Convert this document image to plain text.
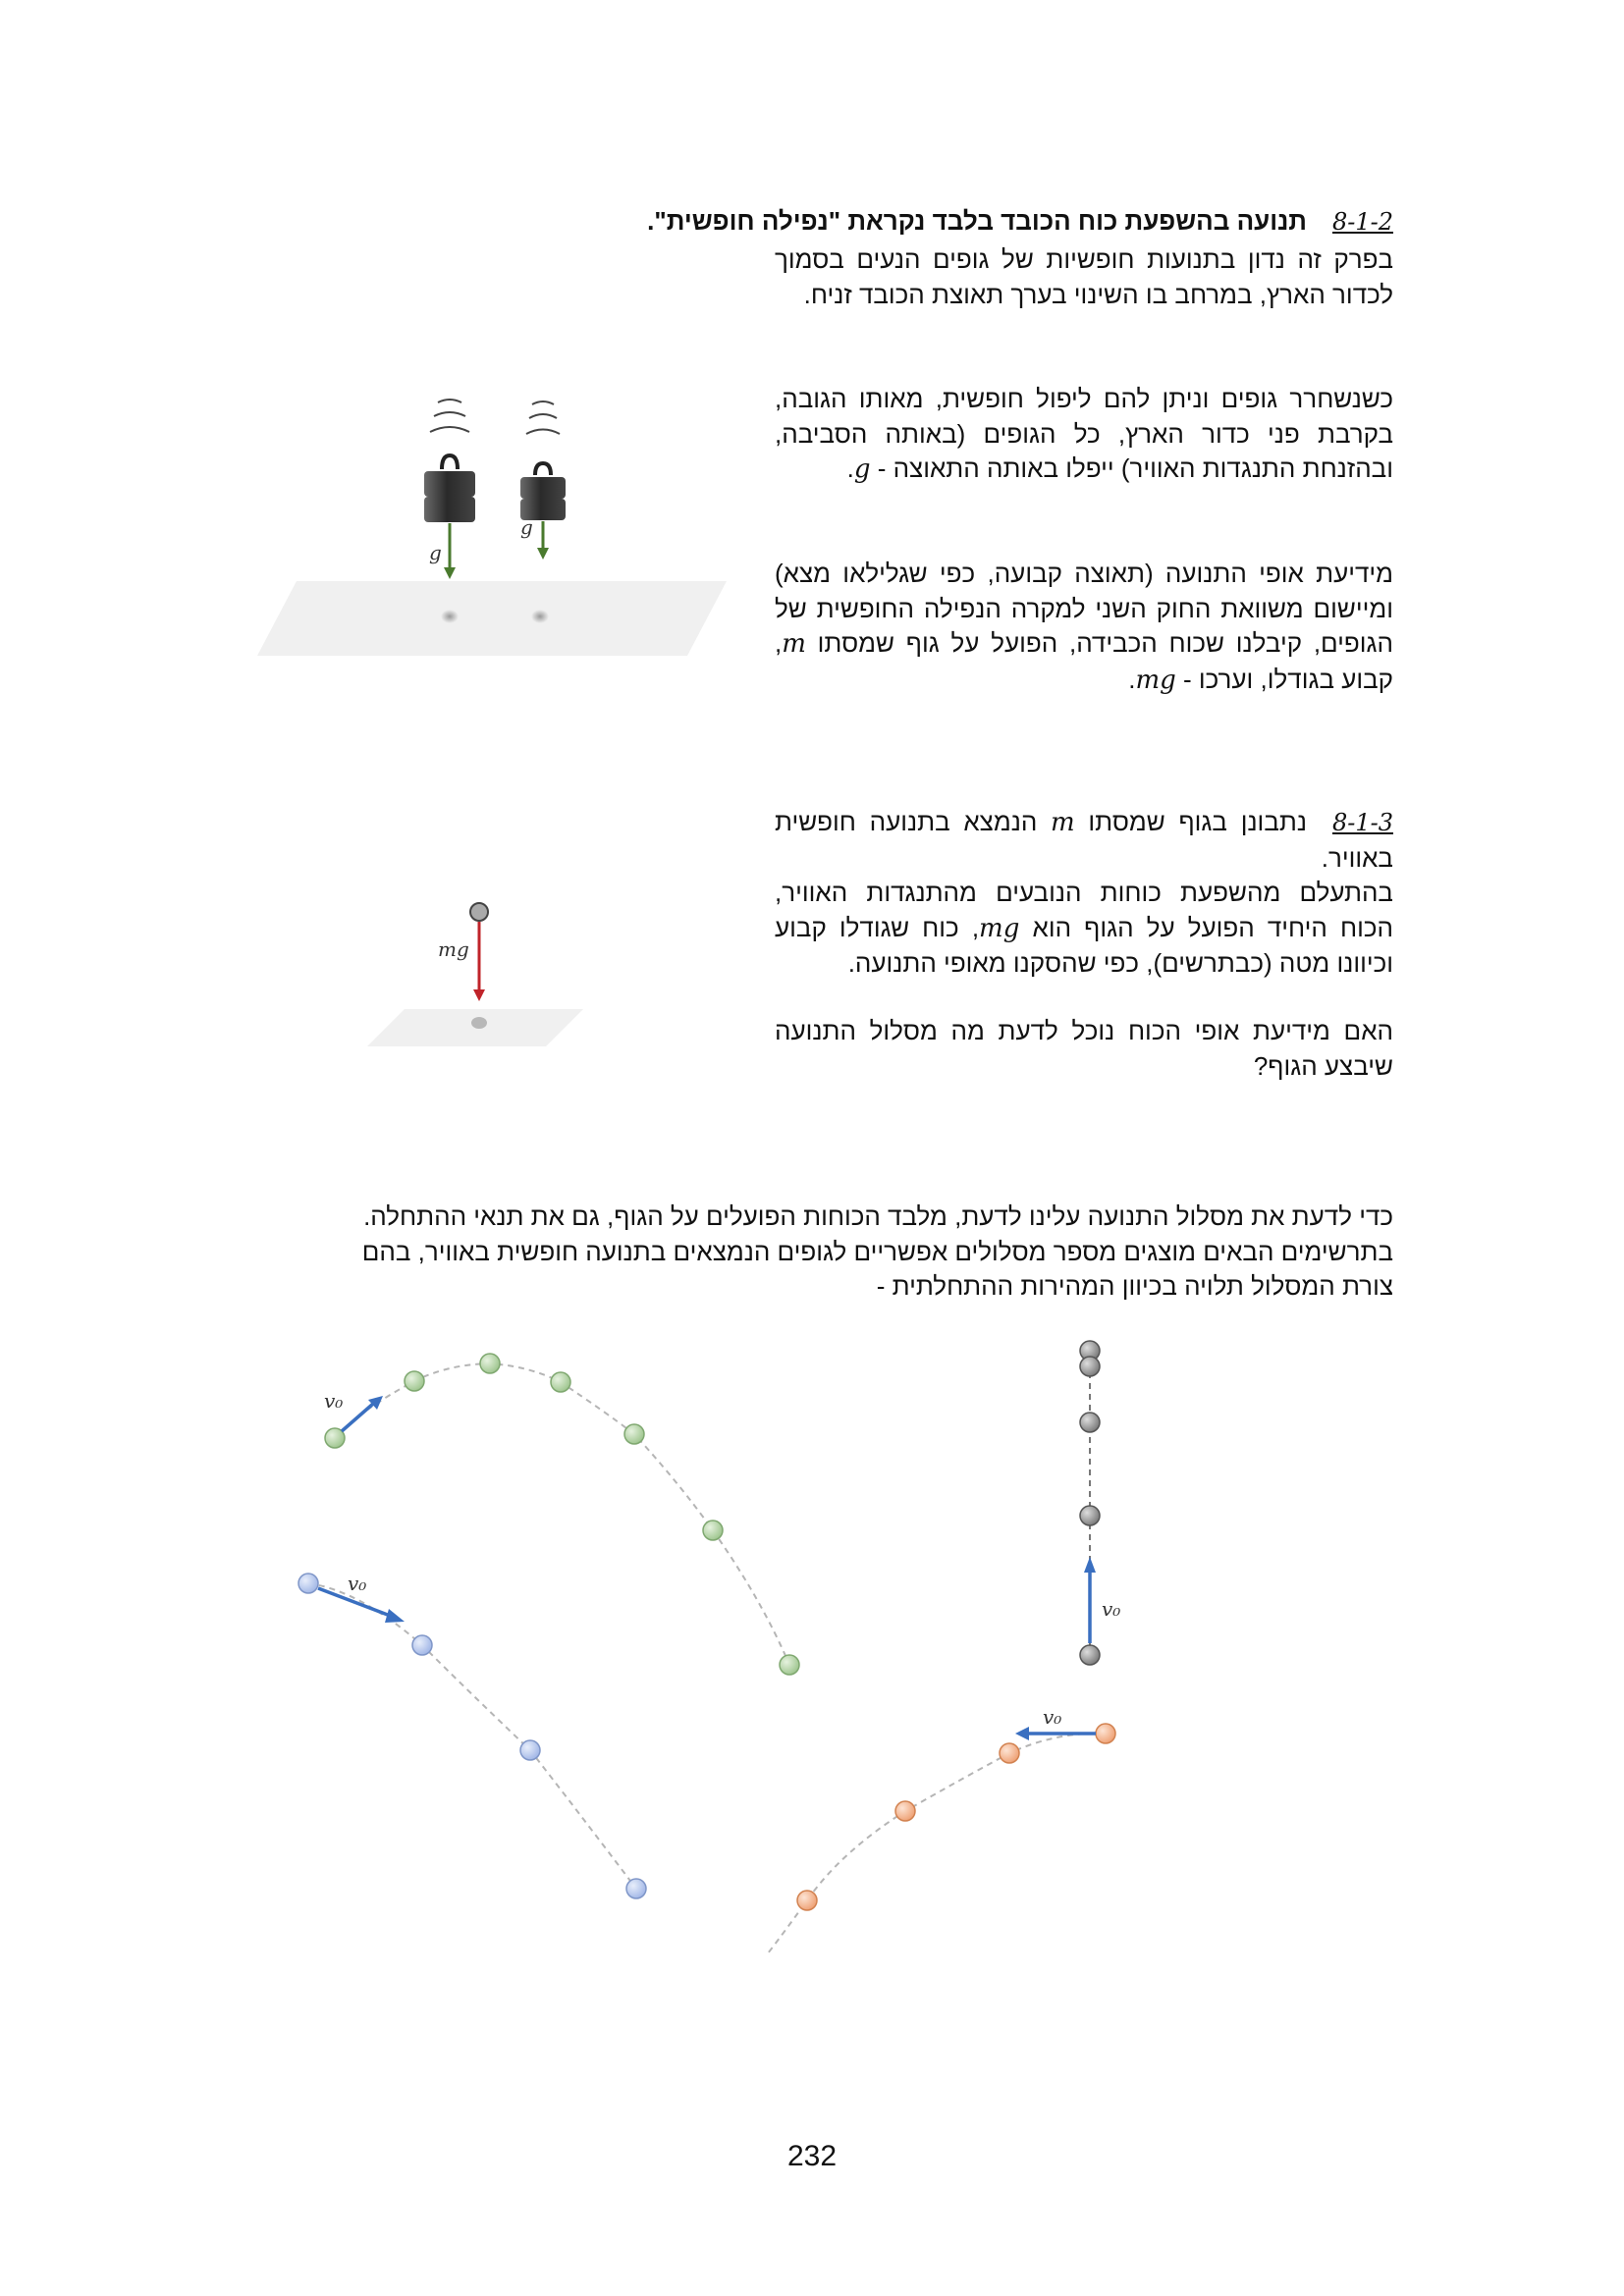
8-1-2תנועה בהשפעת כוח הכובד בלבד נקראת "נפילה חופשית".

בפרק זה נדון בתנועות חופשיות של גופים הנעים בסמוך לכדור הארץ, במרחב בו השינוי בערך תאוצת הכובד זניח.

כשנשחרר גופים וניתן להם ליפול חופשית, מאותו הגובה, בקרבת פני כדור הארץ, כל הגופים (באותה הסביבה, ובהזנחת התנגדות האוויר) ייפלו באותה התאוצה - g.

מידיעת אופי התנועה (תאוצה קבועה, כפי שגלילאו מצא) ומיישום משוואת החוק השני למקרה הנפילה החופשית של הגופים, קיבלנו שכוח הכבידה, הפועל על גוף שמסתו m, קבוע בגודלו, וערכו - mg.

g
g

8-1-3נתבונן בגוף שמסתו m הנמצא בתנועה חופשית באוויר.

בהתעלם מהשפעת כוחות הנובעים מהתנגדות האוויר, הכוח היחיד הפועל על הגוף הוא mg, כוח שגודלו קבוע וכיוונו מטה (כבתרשים), כפי שהסקנו מאופי התנועה.

האם מידיעת אופי הכוח נוכל לדעת מה מסלול התנועה שיבצע הגוף?

mg

כדי לדעת את מסלול התנועה עלינו לדעת, מלבד הכוחות הפועלים על הגוף, גם את תנאי ההתחלה.

בתרשימים הבאים מוצגים מספר מסלולים אפשריים לגופים הנמצאים בתנועה חופשית באוויר, בהם

צורת המסלול תלויה בכיוון המהירות ההתחלתית -

v₀
v₀
v₀
v₀
232
